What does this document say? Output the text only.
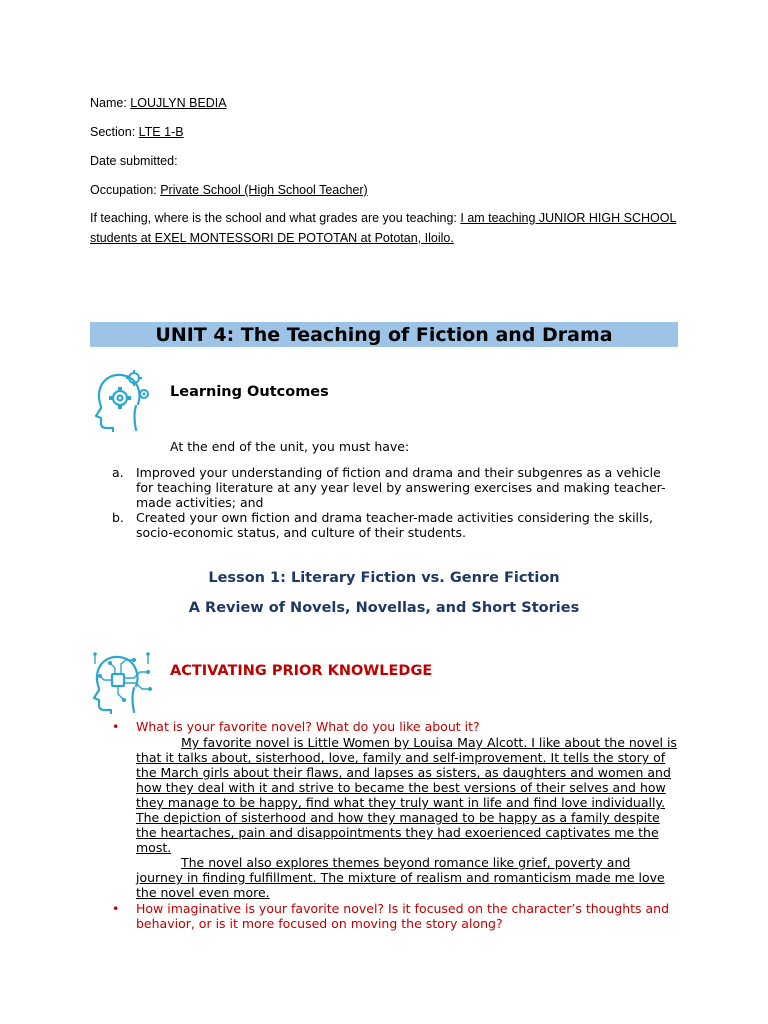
Name: LOUJLYN BEDIA
Section: LTE 1-B
Date submitted:
Occupation: Private School (High School Teacher)
If teaching, where is the school and what grades are you teaching: I am teaching JUNIOR HIGH SCHOOL students at EXEL MONTESSORI DE POTOTAN at Pototan, Iloilo.
UNIT 4: The Teaching of Fiction and Drama
Learning Outcomes
At the end of the unit, you must have:
a. Improved your understanding of fiction and drama and their subgenres as a vehicle for teaching literature at any year level by answering exercises and making teacher-made activities; and
b. Created your own fiction and drama teacher-made activities considering the skills, socio-economic status, and culture of their students.
Lesson 1: Literary Fiction vs. Genre Fiction
A Review of Novels, Novellas, and Short Stories
ACTIVATING PRIOR KNOWLEDGE
•	What is your favorite novel? What do you like about it?

My favorite novel is Little Women by Louisa May Alcott. I like about the novel is that it talks about, sisterhood, love, family and self-improvement. It tells the story of the March girls about their flaws, and lapses as sisters, as daughters and women and how they deal with it and strive to became the best versions of their selves and how they manage to be happy, find what they truly want in life and find love individually. The depiction of sisterhood and how they managed to be happy as a family despite the heartaches, pain and disappointments they had exoerienced captivates me the most.

The novel also explores themes beyond romance like grief, poverty and journey in finding fulfillment. The mixture of realism and romanticism made me love the novel even more.

•	How imaginative is your favorite novel? Is it focused on the character’s thoughts and behavior, or is it more focused on moving the story along?
